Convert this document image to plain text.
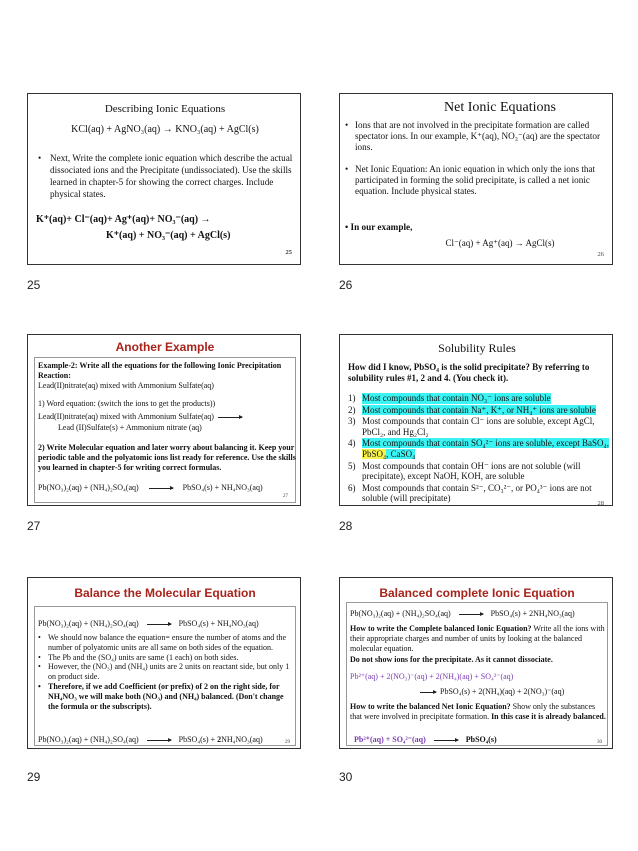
Describing Ionic Equations
KCl(aq) + AgNO₃(aq) → KNO₃(aq) + AgCl(s)
• Next, Write the complete ionic equation which describe the actual dissociated ions and the Precipitate (undissociated). Use the skills learned in chapter-5 for showing the correct charges. Include physical states.
K⁺(aq)+ Cl⁻(aq)+ Ag⁺(aq)+ NO₃⁻(aq) →
K⁺(aq) + NO₃⁻(aq) + AgCl(s)
25
25
Net Ionic Equations
• Ions that are not involved in the precipitate formation are called spectator ions. In our example, K⁺(aq), NO₃⁻(aq) are the spectator ions.
• Net Ionic Equation: An ionic equation in which only the ions that participated in forming the solid precipitate, is called a net ionic equation. Include physical states.
• In our example,
Cl⁻(aq) + Ag⁺(aq) → AgCl(s)
26
26
Another Example
Example-2: Write all the equations for the following Ionic Precipitation Reaction:
Lead(II)nitrate(aq) mixed with Ammonium Sulfate(aq)
1) Word equation: (switch the ions to get the products))
Lead(II)nitrate(aq) mixed with Ammonium Sulfate(aq)
Lead (II)Sulfate(s) + Ammonium nitrate (aq)
2) Write Molecular equation and later worry about balancing it. Keep your periodic table and the polyatomic ions list ready for reference. Use the skills you learned in chapter-5 for writing correct formulas.
Pb(NO₃)₂(aq) + (NH₄)₂SO₄(aq)	PbSO₄(s) + NH₄NO₃(aq)
27
27
Solubility Rules
How did I know, PbSO₄ is the solid precipitate? By referring to solubility rules #1, 2 and 4. (You check it).
1) Most compounds that contain NO₃⁻ ions are soluble
2) Most compounds that contain Na⁺, K⁺, or NH₄⁺ ions are soluble
3) Most compounds that contain Cl⁻ ions are soluble, except AgCl, PbCl₂, and Hg₂Cl₂
4) Most compounds that contain SO₄²⁻ ions are soluble, except BaSO₄, PbSO₄, CaSO₄
5) Most compounds that contain OH⁻ ions are not soluble (will precipitate), except NaOH, KOH, are soluble
6) Most compounds that contain S²⁻, CO₃²⁻, or PO₄³⁻ ions are not soluble (will precipitate)
28
28
Balance the Molecular Equation
Pb(NO₃)₂(aq) + (NH₄)₂SO₄(aq)	PbSO₄(s) + NH₄NO₃(aq)
• We should now balance the equation= ensure the number of atoms and the number of polyatomic units are all same on both sides of the equation.
• The Pb and the (SO₄) units are same (1 each) on both sides.
• However, the (NO₃) and (NH₄) units are 2 units on reactant side, but only 1 on product side.
• Therefore, if we add Coefficient (or prefix) of 2 on the right side, for NH₄NO₃ we will make both (NO₃) and (NH₄) balanced. (Don't change the formula or the subscripts).
Pb(NO₃)₂(aq) + (NH₄)₂SO₄(aq)	PbSO₄(s) + 2NH₄NO₃(aq)	29
29
Balanced complete Ionic Equation
Pb(NO₃)₂(aq) + (NH₄)₂SO₄(aq)	PbSO₄(s) + 2NH₄NO₃(aq)
How to write the Complete balanced Ionic Equation? Write all the ions with their appropriate charges and number of units by looking at the balanced molecular equation.
Do not show ions for the precipitate. As it cannot dissociate.
Pb²⁺(aq) + 2(NO₃)⁻(aq) + 2(NH₄)(aq) + SO₄²⁻(aq)
PbSO₄(s) + 2(NH₄)(aq) + 2(NO₃)⁻(aq)
How to write the balanced Net Ionic Equation? Show only the substances that were involved in precipitate formation. In this case it is already balanced.
Pb²⁺(aq) + SO₄²⁻(aq)	PbSO₄(s)	30
30
